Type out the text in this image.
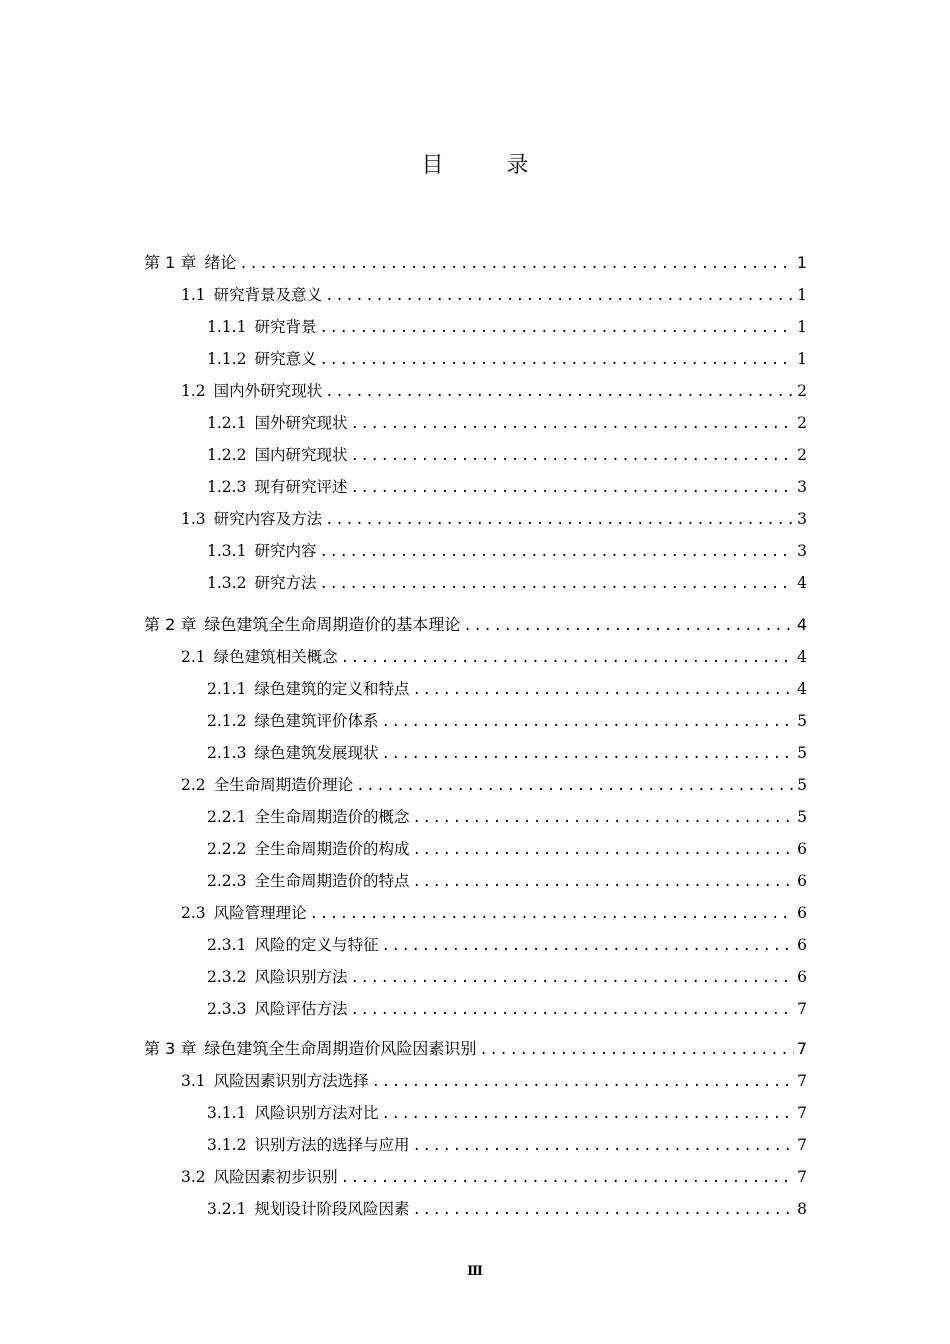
目 录
第 1 章 绪论 .....	1
1.1 研究背景及意义 .....	1
1.1.1 研究背景 .....	1
1.1.2 研究意义 .....	1
1.2 国内外研究现状 .....	2
1.2.1 国外研究现状 .....	2
1.2.2 国内研究现状 .....	2
1.2.3 现有研究评述 .....	3
1.3 研究内容及方法 .....	3
1.3.1 研究内容 .....	3
1.3.2 研究方法 .....	4
第 2 章 绿色建筑全生命周期造价的基本理论 .....	4
2.1 绿色建筑相关概念 .....	4
2.1.1 绿色建筑的定义和特点 .....	4
2.1.2 绿色建筑评价体系 .....	5
2.1.3 绿色建筑发展现状 .....	5
2.2 全生命周期造价理论 .....	5
2.2.1 全生命周期造价的概念 .....	5
2.2.2 全生命周期造价的构成 .....	6
2.2.3 全生命周期造价的特点 .....	6
2.3 风险管理理论 .....	6
2.3.1 风险的定义与特征 .....	6
2.3.2 风险识别方法 .....	6
2.3.3 风险评估方法 .....	7
第 3 章 绿色建筑全生命周期造价风险因素识别 .....	7
3.1 风险因素识别方法选择 .....	7
3.1.1 风险识别方法对比 .....	7
3.1.2 识别方法的选择与应用 .....	7
3.2 风险因素初步识别 .....	7
3.2.1 规划设计阶段风险因素 .....	8
Ⅲ
